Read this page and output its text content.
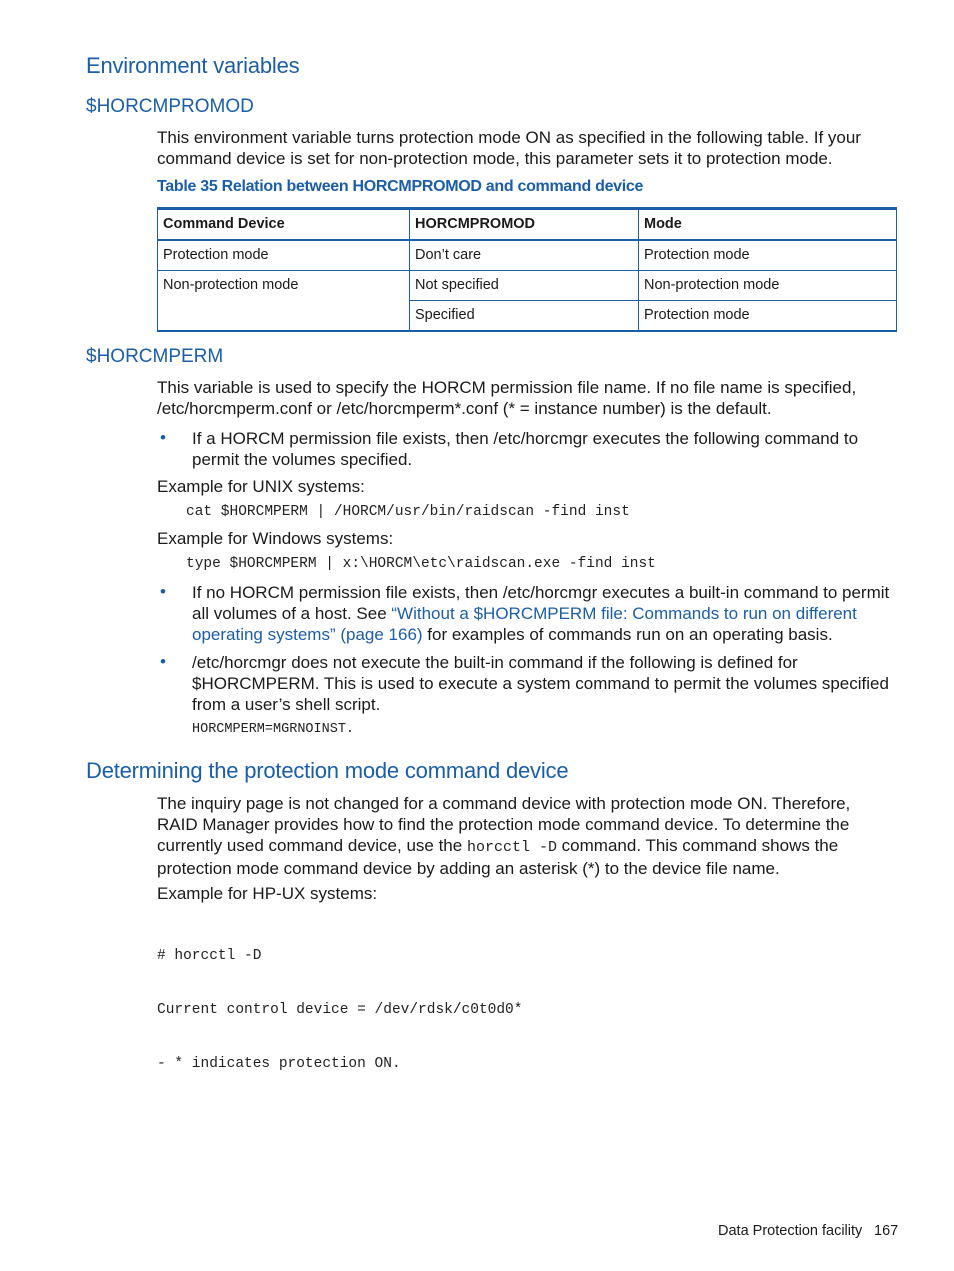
Environment variables
$HORCMPROMOD
This environment variable turns protection mode ON as specified in the following table. If your
command device is set for non-protection mode, this parameter sets it to protection mode.
Table 35 Relation between HORCMPROMOD and command device
Command Device	HORCMPROMOD	Mode
Protection mode	Don’t care	Protection mode
Non-protection mode	Not specified	Non-protection mode
	Specified	Protection mode
$HORCMPERM
This variable is used to specify the HORCM permission file name. If no file name is specified,
/etc/horcmperm.conf or /etc/horcmperm*.conf (* = instance number) is the default.
• If a HORCM permission file exists, then /etc/horcmgr executes the following command to
permit the volumes specified.
Example for UNIX systems:
cat $HORCMPERM | /HORCM/usr/bin/raidscan -find inst
Example for Windows systems:
type $HORCMPERM | x:\HORCM\etc\raidscan.exe -find inst
• If no HORCM permission file exists, then /etc/horcmgr executes a built-in command to permit
all volumes of a host. See “Without a $HORCMPERM file: Commands to run on different
operating systems” (page 166) for examples of commands run on an operating basis.
• /etc/horcmgr does not execute the built-in command if the following is defined for
$HORCMPERM. This is used to execute a system command to permit the volumes specified
from a user’s shell script.
HORCMPERM=MGRNOINST.
Determining the protection mode command device
The inquiry page is not changed for a command device with protection mode ON. Therefore,
RAID Manager provides how to find the protection mode command device. To determine the
currently used command device, use the horcctl -D command. This command shows the
protection mode command device by adding an asterisk (*) to the device file name.
Example for HP-UX systems:

# horcctl -D

Current control device = /dev/rdsk/c0t0d0*

- * indicates protection ON.

Data Protection facility 167
